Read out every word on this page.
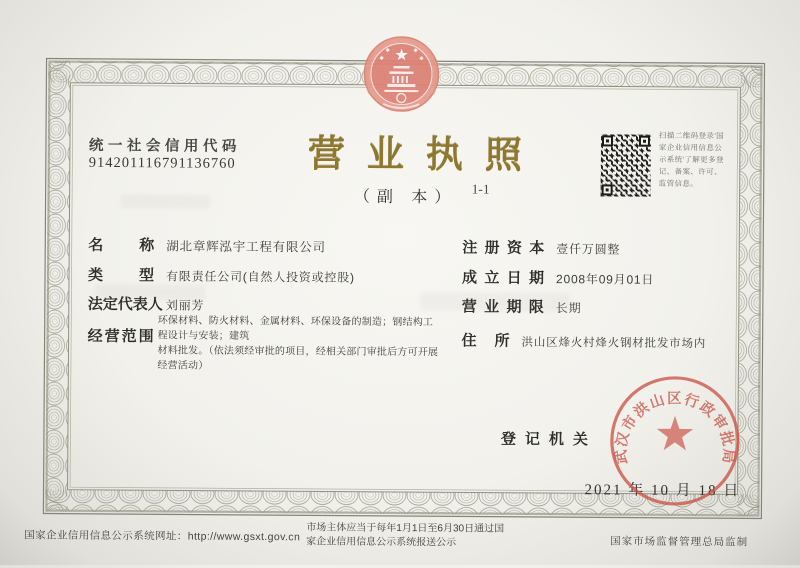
统一社会信用代码
914201116791136760	营业执照
（副 本）	1-1
扫描二维码登录'国家企业信用信息公示系统'了解更多登记、备案、许可、监管信息。
名称 湖北章辉泓宇工程有限公司
类型 有限责任公司(自然人投资或控股)
法定代表人 刘丽芳
经营范围
环保材料、防火材料、金属材料、环保设备的制造；钢结构工程设计与安装；建筑
材料批发。（依法须经审批的项目，经相关部门审批后方可开展经营活动）
注册资本 壹仟万圆整
成立日期 2008年09月01日
营业期限 长期
住所 洪山区烽火村烽火钢材批发市场内
登记机关
2021 年 10 月 18 日
武汉市洪山区行政审批局
国家企业信用信息公示系统网址：http://www.gsxt.gov.cn
市场主体应当于每年1月1日至6月30日通过国
家企业信用信息公示系统报送公示	国家市场监督管理总局监制
